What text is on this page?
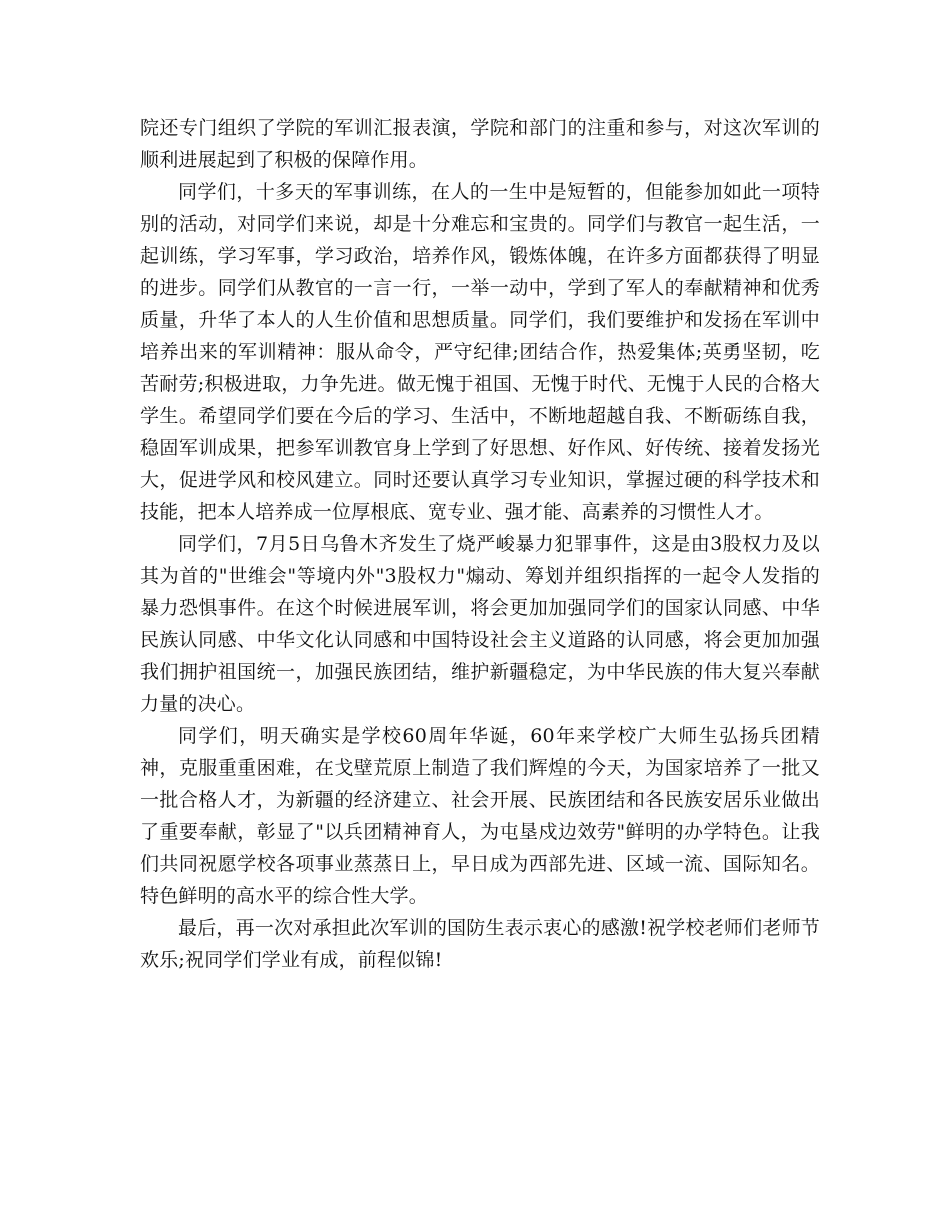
院还专门组织了学院的军训汇报表演，学院和部门的注重和参与，对这次军训的顺利进展起到了积极的保障作用。

同学们，十多天的军事训练，在人的一生中是短暂的，但能参加如此一项特别的活动，对同学们来说，却是十分难忘和宝贵的。同学们与教官一起生活，一起训练，学习军事，学习政治，培养作风，锻炼体魄，在许多方面都获得了明显的进步。同学们从教官的一言一行，一举一动中，学到了军人的奉献精神和优秀质量，升华了本人的人生价值和思想质量。同学们，我们要维护和发扬在军训中培养出来的军训精神：服从命令，严守纪律;团结合作，热爱集体;英勇坚韧，吃苦耐劳;积极进取，力争先进。做无愧于祖国、无愧于时代、无愧于人民的合格大学生。希望同学们要在今后的学习、生活中，不断地超越自我、不断砺练自我，稳固军训成果，把参军训教官身上学到了好思想、好作风、好传统、接着发扬光大，促进学风和校风建立。同时还要认真学习专业知识，掌握过硬的科学技术和技能，把本人培养成一位厚根底、宽专业、强才能、高素养的习惯性人才。

同学们，7月5日乌鲁木齐发生了烧严峻暴力犯罪事件，这是由3股权力及以其为首的"世维会"等境内外"3股权力"煽动、筹划并组织指挥的一起令人发指的暴力恐惧事件。在这个时候进展军训，将会更加加强同学们的国家认同感、中华民族认同感、中华文化认同感和中国特设社会主义道路的认同感，将会更加加强我们拥护祖国统一，加强民族团结，维护新疆稳定，为中华民族的伟大复兴奉献力量的决心。

同学们，明天确实是学校60周年华诞，60年来学校广大师生弘扬兵团精神，克服重重困难，在戈壁荒原上制造了我们辉煌的今天，为国家培养了一批又一批合格人才，为新疆的经济建立、社会开展、民族团结和各民族安居乐业做出了重要奉献，彰显了"以兵团精神育人，为屯垦戍边效劳"鲜明的办学特色。让我们共同祝愿学校各项事业蒸蒸日上，早日成为西部先进、区域一流、国际知名。特色鲜明的高水平的综合性大学。

最后，再一次对承担此次军训的国防生表示衷心的感激!祝学校老师们老师节欢乐;祝同学们学业有成，前程似锦!
